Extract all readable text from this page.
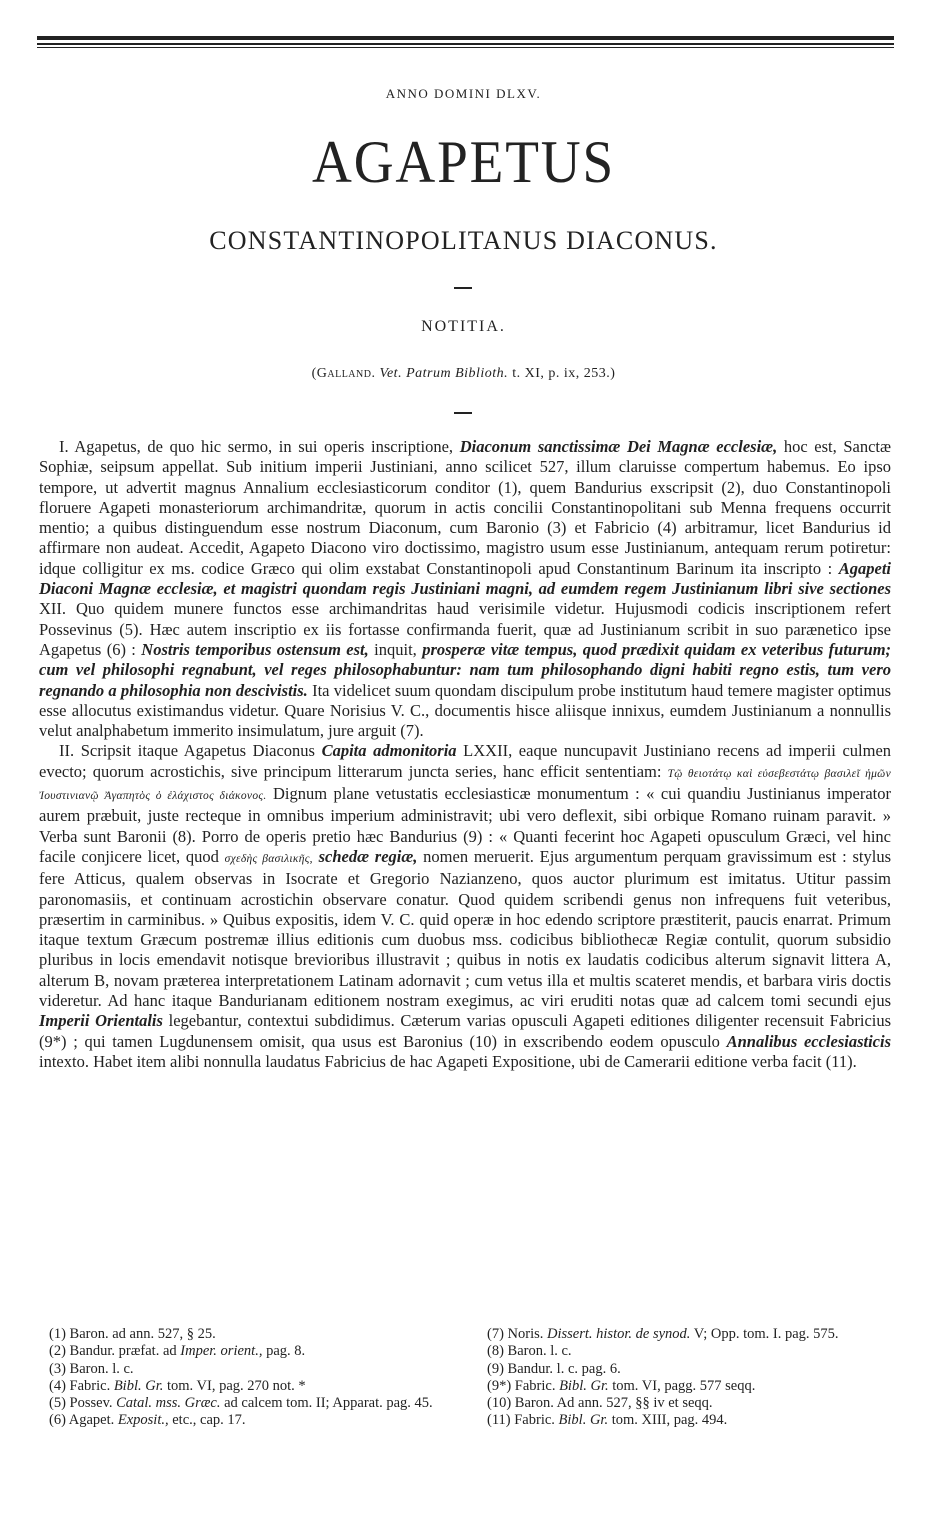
ANNO DOMINI DLXV.
AGAPETUS
CONSTANTINOPOLITANUS DIACONUS.
NOTITIA.
(Galland. Vet. Patrum Biblioth. t. XI, p. ix, 253.)

I. Agapetus, de quo hic sermo, in sui operis inscriptione, Diaconum sanctissimæ Dei Magnæ ecclesiæ, hoc est, Sanctæ Sophiæ, seipsum appellat. Sub initium imperii Justiniani, anno scilicet 527, illum claruisse compertum habemus. Eo ipso tempore, ut advertit magnus Annalium ecclesiasticorum conditor (1), quem Bandurius exscripsit (2), duo Constantinopoli floruere Agapeti monasteriorum archimandritæ, quorum in actis concilii Constantinopolitani sub Menna frequens occurrit mentio; a quibus distinguendum esse nostrum Diaconum, cum Baronio (3) et Fabricio (4) arbitramur, licet Bandurius id affirmare non audeat. Accedit, Agapeto Diacono viro doctissimo, magistro usum esse Justinianum, antequam rerum potiretur: idque colligitur ex ms. codice Græco qui olim exstabat Constantinopoli apud Constantinum Barinum ita inscripto : Agapeti Diaconi Magnæ ecclesiæ, et magistri quondam regis Justiniani magni, ad eumdem regem Justinianum libri sive sectiones XII. Quo quidem munere functos esse archimandritas haud verisimile videtur. Hujusmodi codicis inscriptionem refert Possevinus (5). Hæc autem inscriptio ex iis fortasse confirmanda fuerit, quæ ad Justinianum scribit in suo parænetico ipse Agapetus (6) : Nostris temporibus ostensum est, inquit, prosperæ vitæ tempus, quod prædixit quidam ex veteribus futurum; cum vel philosophi regnabunt, vel reges philosophabuntur: nam tum philosophando digni habiti regno estis, tum vero regnando a philosophia non descivistis. Ita videlicet suum quondam discipulum probe institutum haud temere magister optimus esse allocutus existimandus videtur. Quare Norisius V. C., documentis hisce aliisque innixus, eumdem Justinianum a nonnullis velut analphabetum immerito insimulatum, jure arguit (7).

II. Scripsit itaque Agapetus Diaconus Capita admonitoria LXXII, eaque nuncupavit Justiniano recens ad imperii culmen evecto; quorum acrostichis, sive principum litterarum juncta series, hanc efficit sententiam: Τῷ θειοτάτῳ καὶ εὐσεβεστάτῳ βασιλεῖ ἡμῶν Ἰουστινιανῷ Ἀγαπητὸς ὁ ἐλάχιστος διάκονος. Dignum plane vetustatis ecclesiasticæ monumentum : « cui quandiu Justinianus imperator aurem præbuit, juste recteque in omnibus imperium administravit; ubi vero deflexit, sibi orbique Romano ruinam paravit. » Verba sunt Baronii (8). Porro de operis pretio hæc Bandurius (9) : « Quanti fecerint hoc Agapeti opusculum Græci, vel hinc facile conjicere licet, quod σχεδὴς βασιλικῆς, schedæ regiæ, nomen meruerit. Ejus argumentum perquam gravissimum est : stylus fere Atticus, qualem observas in Isocrate et Gregorio Nazianzeno, quos auctor plurimum est imitatus. Utitur passim paronomasiis, et continuam acrostichin observare conatur. Quod quidem scribendi genus non infrequens fuit veteribus, præsertim in carminibus. » Quibus expositis, idem V. C. quid operæ in hoc edendo scriptore præstiterit, paucis enarrat. Primum itaque textum Græcum postremæ illius editionis cum duobus mss. codicibus bibliothecæ Regiæ contulit, quorum subsidio pluribus in locis emendavit notisque brevioribus illustravit ; quibus in notis ex laudatis codicibus alterum signavit littera A, alterum B, novam præterea interpretationem Latinam adornavit ; cum vetus illa et multis scateret mendis, et barbara viris doctis videretur. Ad hanc itaque Bandurianam editionem nostram exegimus, ac viri eruditi notas quæ ad calcem tomi secundi ejus Imperii Orientalis legebantur, contextui subdidimus. Cæterum varias opusculi Agapeti editiones diligenter recensuit Fabricius (9*) ; qui tamen Lugdunensem omisit, qua usus est Baronius (10) in exscribendo eodem opusculo Annalibus ecclesiasticis intexto. Habet item alibi nonnulla laudatus Fabricius de hac Agapeti Expositione, ubi de Camerarii editione verba facit (11).

(1) Baron. ad ann. 527, § 25.

(2) Bandur. præfat. ad Imper. orient., pag. 8.

(3) Baron. l. c.

(4) Fabric. Bibl. Gr. tom. VI, pag. 270 not. *

(5) Possev. Catal. mss. Græc. ad calcem tom. II; Apparat. pag. 45.

(6) Agapet. Exposit., etc., cap. 17.

(7) Noris. Dissert. histor. de synod. V; Opp. tom. I. pag. 575.

(8) Baron. l. c.

(9) Bandur. l. c. pag. 6.

(9*) Fabric. Bibl. Gr. tom. VI, pagg. 577 seqq.

(10) Baron. Ad ann. 527, §§ iv et seqq.

(11) Fabric. Bibl. Gr. tom. XIII, pag. 494.
